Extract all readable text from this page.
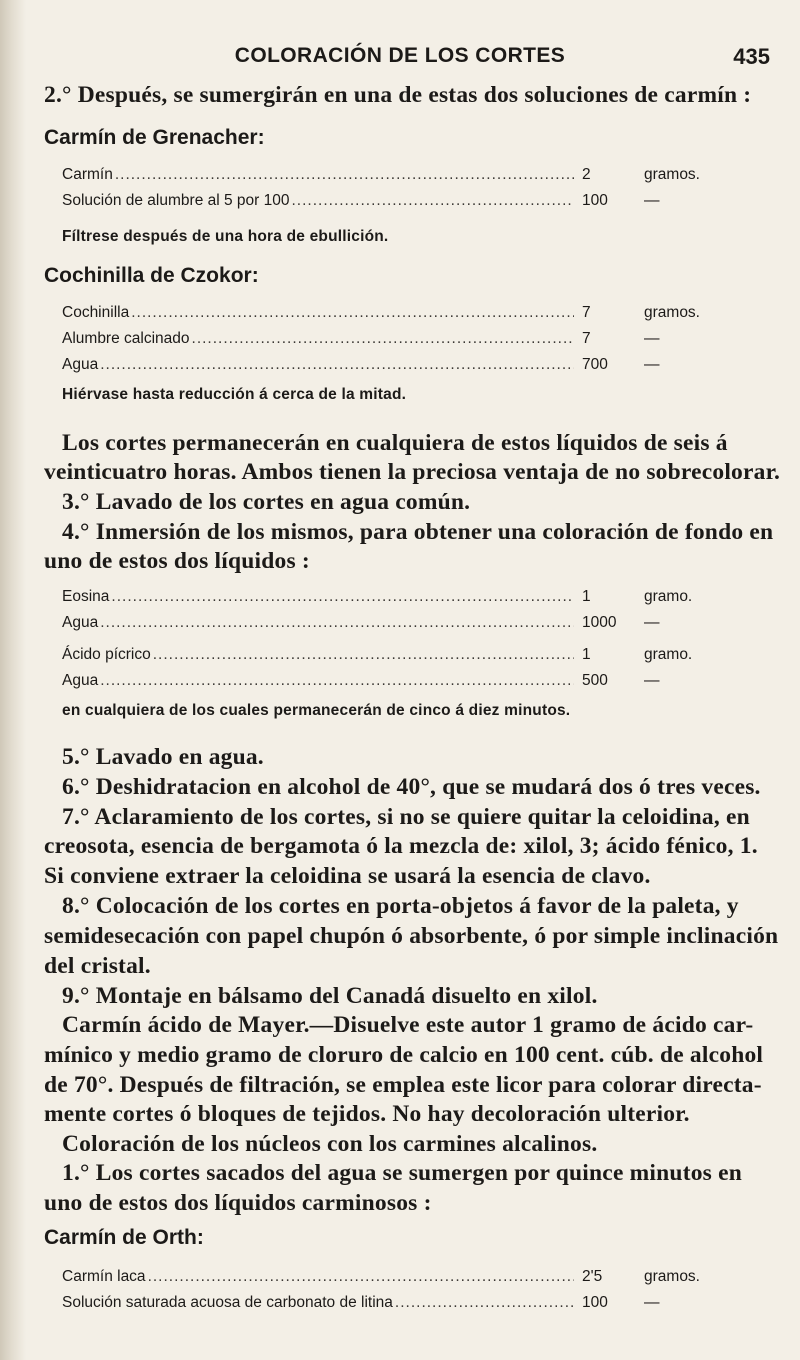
COLORACIÓN DE LOS CORTES	435

2.° Después, se sumergirán en una de estas dos soluciones de carmín :

Carmín de Grenacher:
Carmín .....	2	gramos.
Solución de alumbre al 5 por 100 .....	100	—
Fíltrese después de una hora de ebullición.
Cochinilla de Czokor:
Cochinilla .....	7	gramos.
Alumbre calcinado .....	7	—
Agua .....	700	—
Hiérvase hasta reducción á cerca de la mitad.

Los cortes permanecerán en cualquiera de estos líquidos de seis á

veinticuatro horas. Ambos tienen la preciosa ventaja de no sobrecolorar.

3.° Lavado de los cortes en agua común.

4.° Inmersión de los mismos, para obtener una coloración de fondo en

uno de estos dos líquidos :

Eosina .....	1	gramo.
Agua .....	1000	—
Ácido pícrico .....	1	gramo.
Agua .....	500	—
en cualquiera de los cuales permanecerán de cinco á diez minutos.

5.° Lavado en agua.

6.° Deshidratacion en alcohol de 40°, que se mudará dos ó tres veces.

7.° Aclaramiento de los cortes, si no se quiere quitar la celoidina, en

creosota, esencia de bergamota ó la mezcla de: xilol, 3; ácido fénico, 1.

Si conviene extraer la celoidina se usará la esencia de clavo.

8.° Colocación de los cortes en porta-objetos á favor de la paleta, y

semidesecación con papel chupón ó absorbente, ó por simple inclinación

del cristal.

9.° Montaje en bálsamo del Canadá disuelto en xilol.

Carmín ácido de Mayer.—Disuelve este autor 1 gramo de ácido car-

mínico y medio gramo de cloruro de calcio en 100 cent. cúb. de alcohol

de 70°. Después de filtración, se emplea este licor para colorar directa-

mente cortes ó bloques de tejidos. No hay decoloración ulterior.

Coloración de los núcleos con los carmines alcalinos.

1.° Los cortes sacados del agua se sumergen por quince minutos en

uno de estos dos líquidos carminosos :

Carmín de Orth:
Carmín laca .....	2'5	gramos.
Solución saturada acuosa de carbonato de litina .....	100	—
